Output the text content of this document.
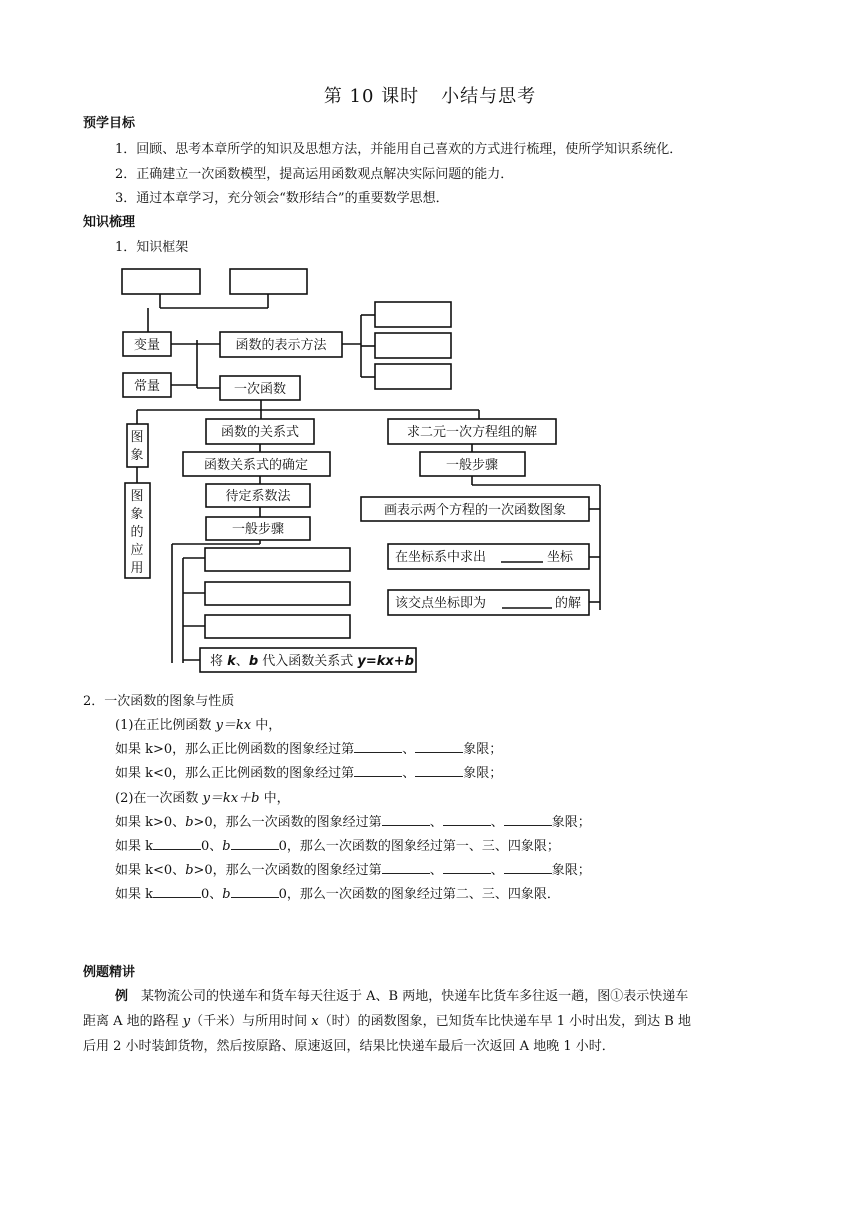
第 10 课时 小结与思考
预学目标
1．回顾、思考本章所学的知识及思想方法，并能用自己喜欢的方式进行梳理，使所学知识系统化．
2．正确建立一次函数模型，提高运用函数观点解决实际问题的能力．
3．通过本章学习，充分领会“数形结合”的重要数学思想．
知识梳理
1．知识框架
变量
常量
函数的表示方法
一次函数
图
象
图
象
的
应
用
函数的关系式
函数关系式的确定
待定系数法
一般步骤
将 k、b 代入函数关系式 y=kx+b
求二元一次方程组的解
一般步骤
画表示两个方程的一次函数图象
在坐标系中求出	坐标
该交点坐标即为	的解
2．一次函数的图象与性质
(1)在正比例函数 y＝kx 中，
如果 k>0，那么正比例函数的图象经过第	、	象限；
如果 k<0，那么正比例函数的图象经过第	、	象限；
(2)在一次函数 y＝kx＋b 中，
如果 k>0、b>0，那么一次函数的图象经过第	、	、	象限；
如果 k	0、b	0，那么一次函数的图象经过第一、三、四象限；
如果 k<0、b>0，那么一次函数的图象经过第	、	、	象限；
如果 k	0、b	0，那么一次函数的图象经过第二、三、四象限．
例题精讲
例　 某物流公司的快递车和货车每天往返于 A、B 两地，快递车比货车多往返一趟，图①表示快递车
距离 A 地的路程 y（千米）与所用时间 x（时）的函数图象，已知货车比快递车早 1 小时出发，到达 B 地
后用 2 小时装卸货物，然后按原路、原速返回，结果比快递车最后一次返回 A 地晚 1 小时．
